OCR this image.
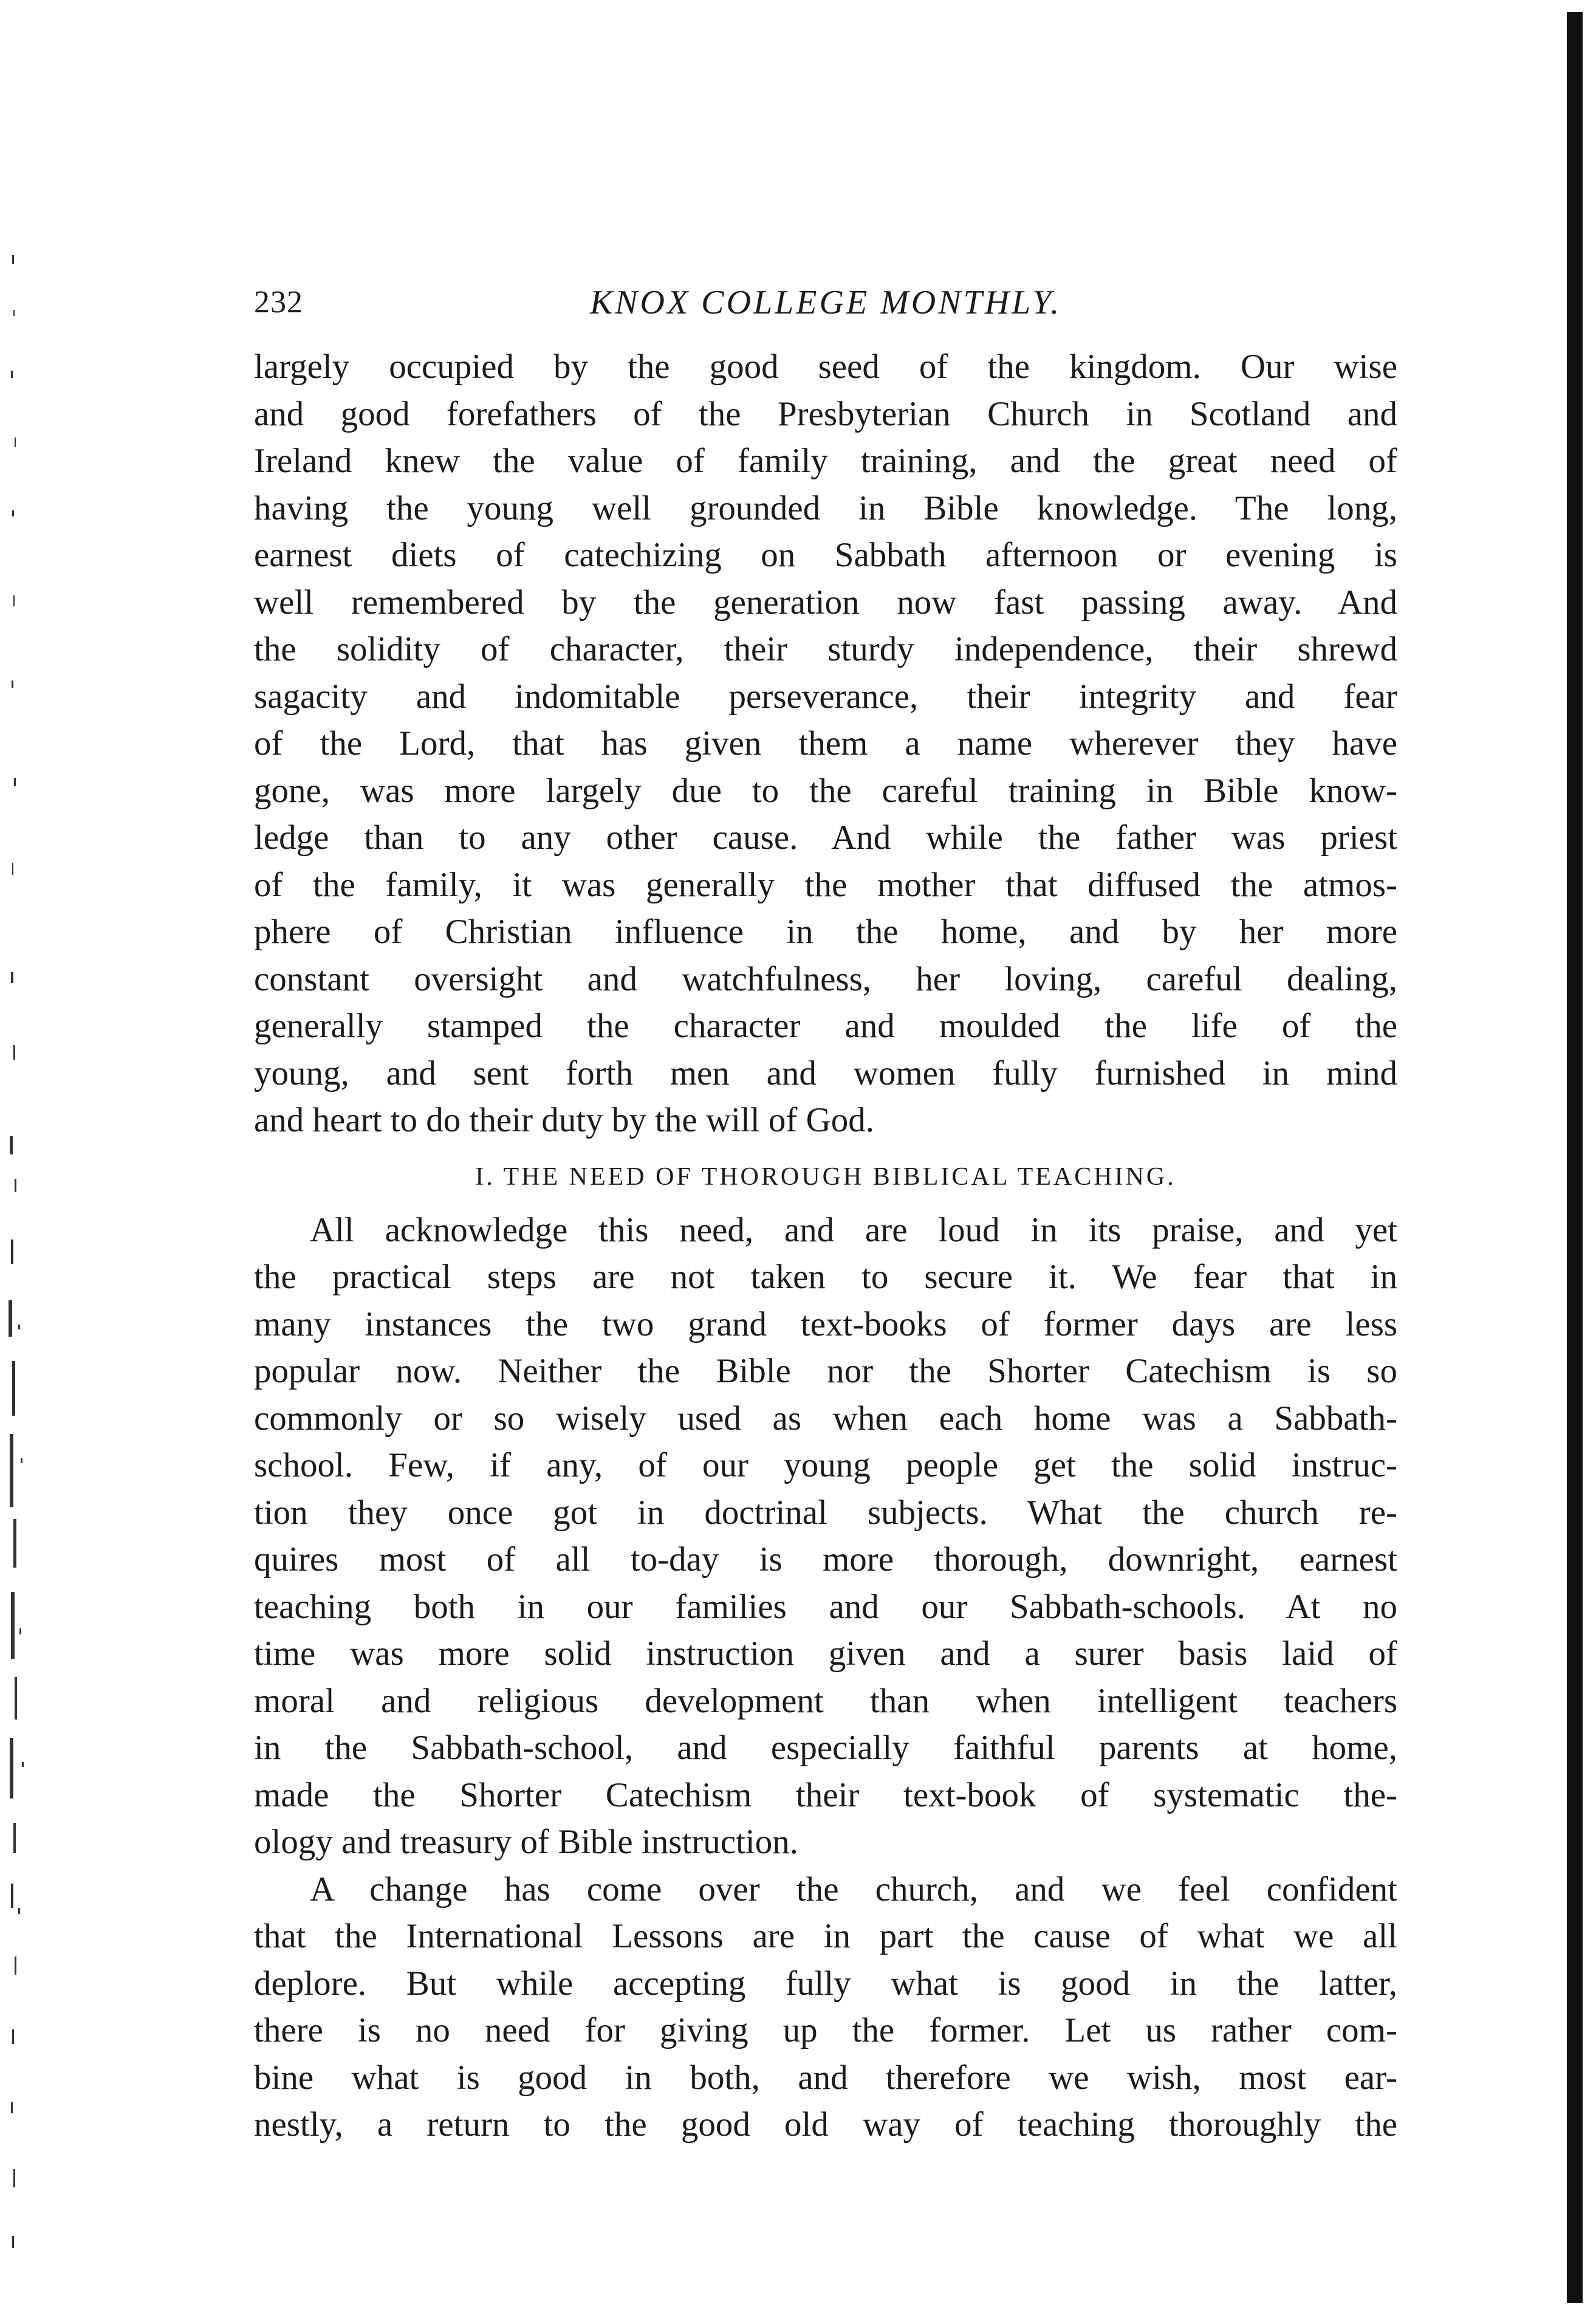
232	KNOX COLLEGE MONTHLY.
largely occupied by the good seed of the kingdom. Our wise
and good forefathers of the Presbyterian Church in Scotland and
Ireland knew the value of family training, and the great need of
having the young well grounded in Bible knowledge. The long,
earnest diets of catechizing on Sabbath afternoon or evening is
well remembered by the generation now fast passing away. And
the solidity of character, their sturdy independence, their shrewd
sagacity and indomitable perseverance, their integrity and fear
of the Lord, that has given them a name wherever they have
gone, was more largely due to the careful training in Bible know-
ledge than to any other cause. And while the father was priest
of the family, it was generally the mother that diffused the atmos-
phere of Christian influence in the home, and by her more
constant oversight and watchfulness, her loving, careful dealing,
generally stamped the character and moulded the life of the
young, and sent forth men and women fully furnished in mind
and heart to do their duty by the will of God.
I. THE NEED OF THOROUGH BIBLICAL TEACHING.
All acknowledge this need, and are loud in its praise, and yet
the practical steps are not taken to secure it. We fear that in
many instances the two grand text-books of former days are less
popular now. Neither the Bible nor the Shorter Catechism is so
commonly or so wisely used as when each home was a Sabbath-
school. Few, if any, of our young people get the solid instruc-
tion they once got in doctrinal subjects. What the church re-
quires most of all to-day is more thorough, downright, earnest
teaching both in our families and our Sabbath-schools. At no
time was more solid instruction given and a surer basis laid of
moral and religious development than when intelligent teachers
in the Sabbath-school, and especially faithful parents at home,
made the Shorter Catechism their text-book of systematic the-
ology and treasury of Bible instruction.
A change has come over the church, and we feel confident
that the International Lessons are in part the cause of what we all
deplore. But while accepting fully what is good in the latter,
there is no need for giving up the former. Let us rather com-
bine what is good in both, and therefore we wish, most ear-
nestly, a return to the good old way of teaching thoroughly the
